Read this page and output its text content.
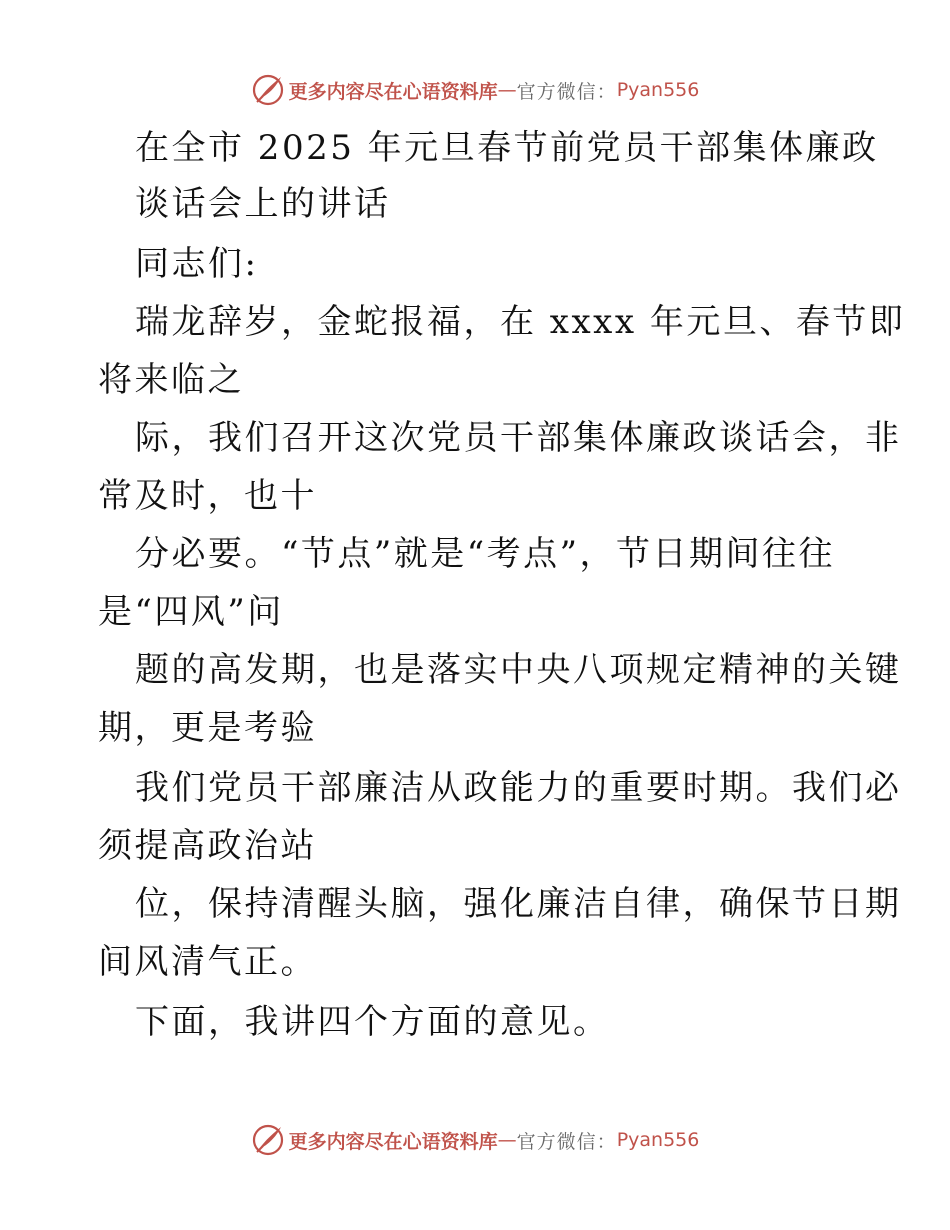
更多内容尽在心语资料库 — 官方微信： Pyan556
在全市 2025 年元旦春节前党员干部集体廉政
谈话会上的讲话
同志们:
瑞龙辞岁，金蛇报福，在 xxxx 年元旦、春节即
将来临之
际，我们召开这次党员干部集体廉政谈话会，非
常及时，也十
分必要。“节点”就是“考点”，节日期间往往
是“四风”问
题的高发期，也是落实中央八项规定精神的关键
期，更是考验
我们党员干部廉洁从政能力的重要时期。我们必
须提高政治站
位，保持清醒头脑，强化廉洁自律，确保节日期
间风清气正。
下面，我讲四个方面的意见。
更多内容尽在心语资料库 — 官方微信： Pyan556
